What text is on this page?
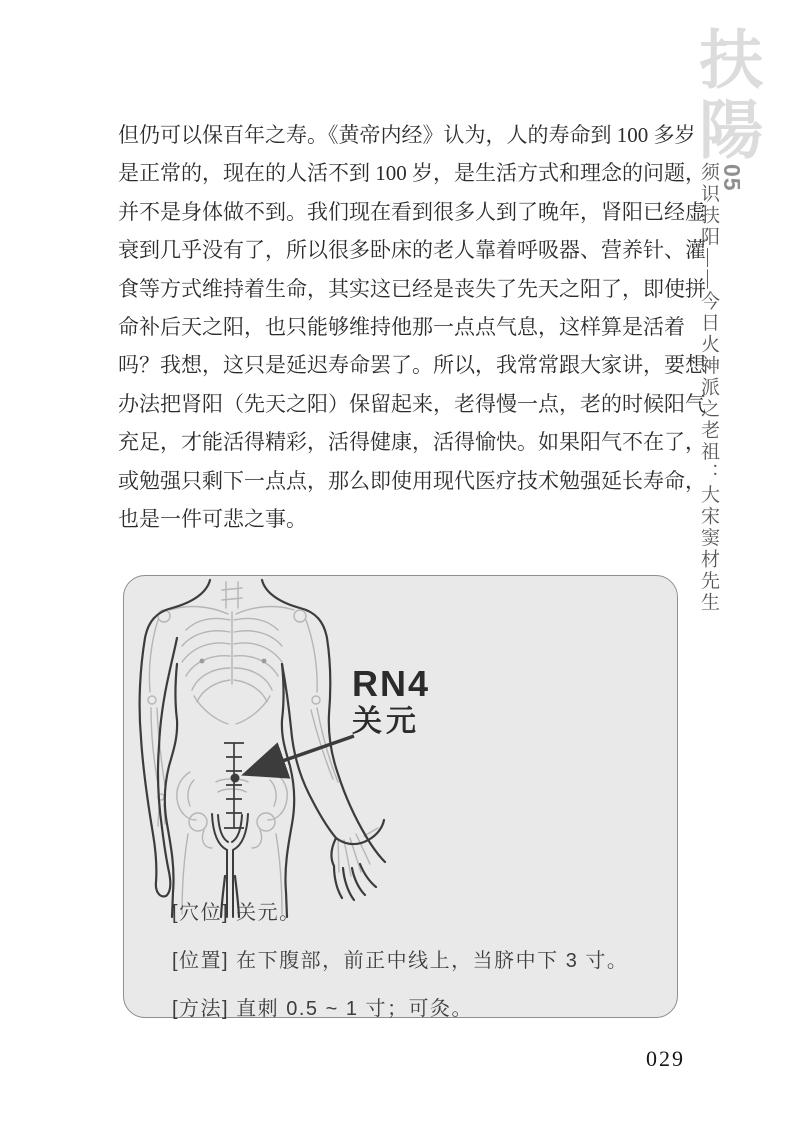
扶陽
05
须识扶阳——今日火神派之老祖：大宋窦材先生
但仍可以保百年之寿。《黄帝内经》认为，人的寿命到 100 多岁
是正常的，现在的人活不到 100 岁，是生活方式和理念的问题，
并不是身体做不到。我们现在看到很多人到了晚年，肾阳已经虚
衰到几乎没有了，所以很多卧床的老人靠着呼吸器、营养针、灌
食等方式维持着生命，其实这已经是丧失了先天之阳了，即使拼
命补后天之阳，也只能够维持他那一点点气息，这样算是活着
吗？我想，这只是延迟寿命罢了。所以，我常常跟大家讲，要想
办法把肾阳（先天之阳）保留起来，老得慢一点，老的时候阳气
充足，才能活得精彩，活得健康，活得愉快。如果阳气不在了，
或勉强只剩下一点点，那么即使用现代医疗技术勉强延长寿命，
也是一件可悲之事。
RN4
关元
[穴位] 关元。
[位置] 在下腹部，前正中线上，当脐中下 3 寸。
[方法] 直刺 0.5 ~ 1 寸；可灸。
029
